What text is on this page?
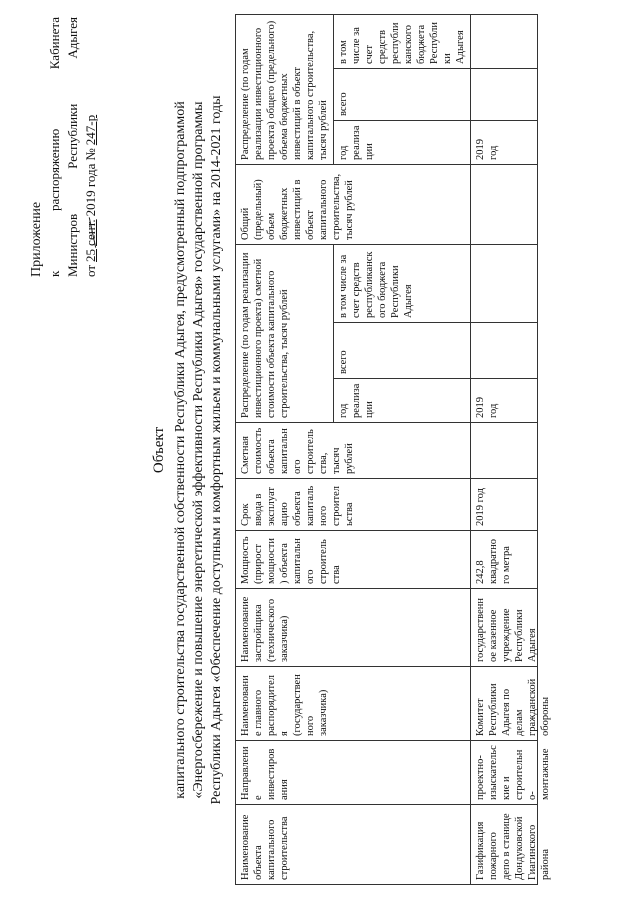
Приложение к
распоряжению
Кабинета
Министров
Республики
Адыгея
от
25
сент.
2019 года
№
247-р
Объект капитального строительства государственной собственности Республики Адыгея, предусмотренный подпрограммой «Энергосбережение и повышение энергетической эффективности Республики Адыгея» государственной программы Республики Адыгея «Обеспечение доступным и комфортным жильем и коммунальными услугами» на 2014-2021 годы
Наименование объекта капитального строительства	Направление инвестирования	Наименование главного распорядителя (государственного заказчика)	Наименование застройщика (технического заказчика)	Мощность (прирост мощности) объекта капитального строительства	Срок ввода в эксплуатацию объекта капитального строительства	Сметная стоимость объекта капитального строительства, тысяч рублей	Распределение (по годам реализации инвестиционного проекта) сметной стоимости объекта капитального строительства, тысяч рублей			Общий (предельный) объем бюджетных инвестиций в объект капитального строительства, тысяч рублей	Распределение (по годам реализации инвестиционного проекта) общего (предельного) объема бюджетных инвестиций в объект капитального строительства, тысяч рублей		
							год реализации	всего	в том числе за счет средств республиканского бюджета Республики Адыгея		год реализации	всего	в том числе за счет средств республиканского бюджета Республики Адыгея

Газификация пожарного депо в станице Дондуковской Гиагинского района	проектно-изыскательские и строительно-монтажные	Комитет Республики Адыгея по делам гражданской обороны	государственное казенное учреждение Республики Адыгея	242,8 квадратного метра	2019 год		2019 год				2019 год		
